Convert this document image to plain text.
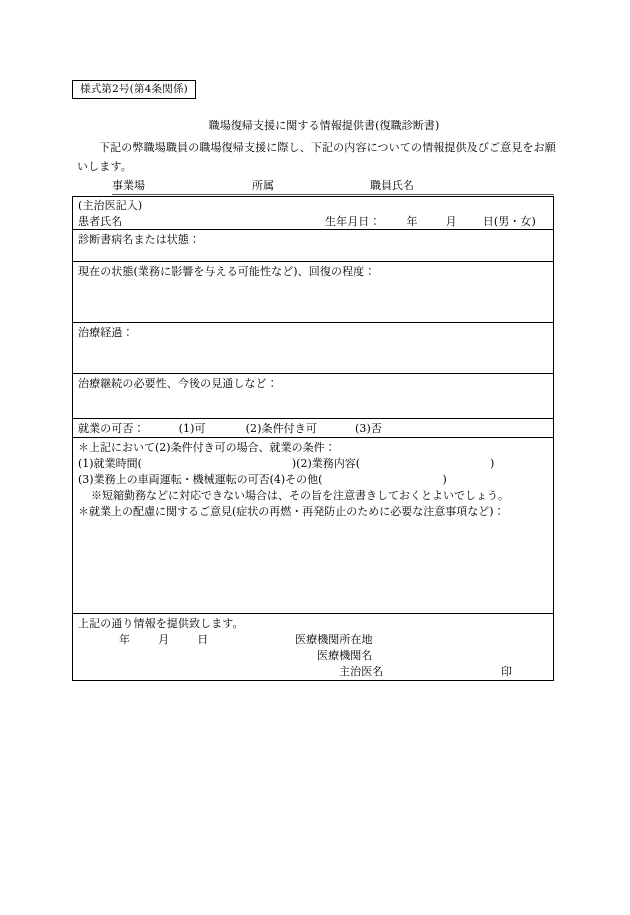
様式第2号(第4条関係)
職場復帰支援に関する情報提供書(復職診断書)
下記の弊職場職員の職場復帰支援に際し、下記の内容についての情報提供及びご意見をお願いします。
事業場	所属	職員氏名
(主治医記入)
患者氏名	生年月日： 年	月 日(男・女)
診断書病名または状態：
現在の状態(業務に影響を与える可能性など)、回復の程度：
治療経過：
治療継続の必要性、今後の見通しなど：
就業の可否：	(1)可	(2)条件付き可	(3)否
＊上記において(2)条件付き可の場合、就業の条件：
(1)就業時間(	)(2)業務内容(	)
(3)業務上の車両運転・機械運転の可否(4)その他(	)
※短縮勤務などに対応できない場合は、その旨を注意書きしておくとよいでしょう。
＊就業上の配慮に関するご意見(症状の再燃・再発防止のために必要な注意事項など)：
上記の通り情報を提供致します。
年	月	日	医療機関所在地
医療機関名
主治医名	印
